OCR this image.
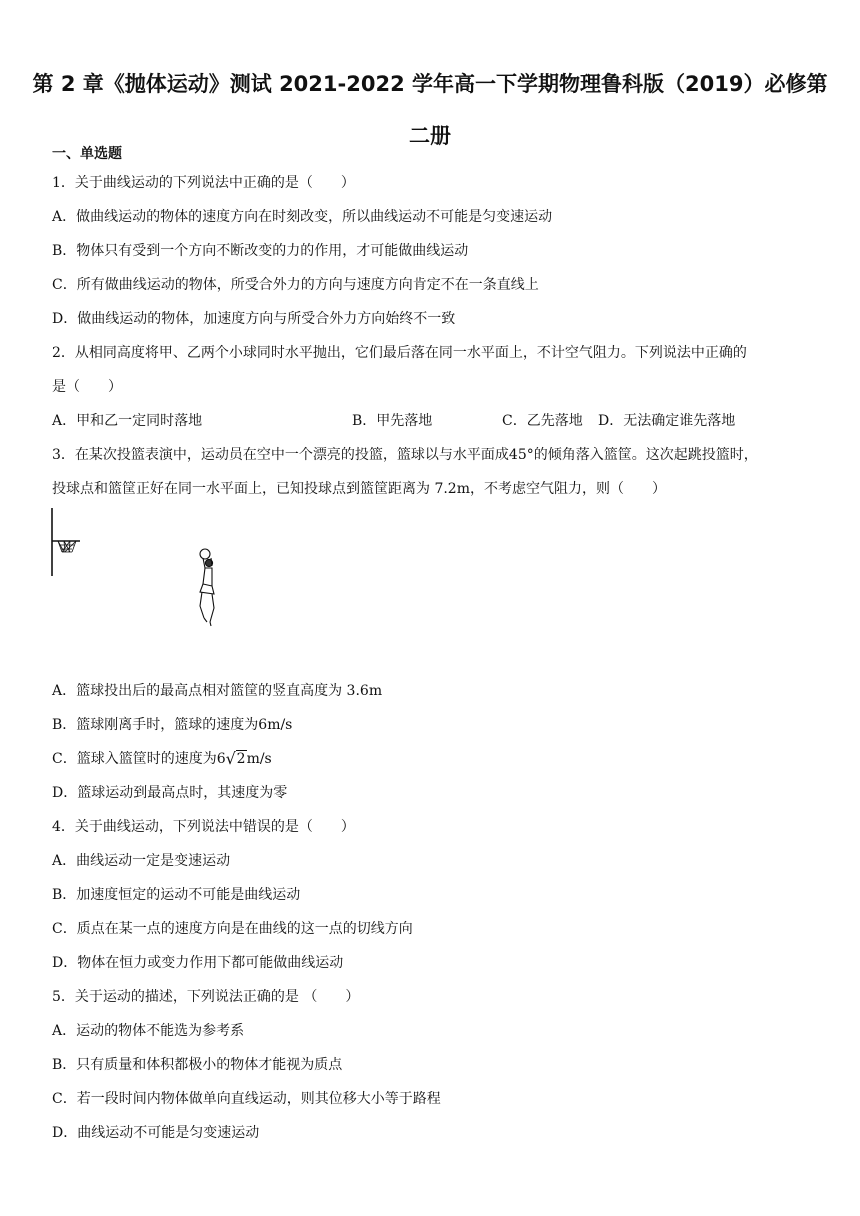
第 2 章《抛体运动》测试 2021-2022 学年高一下学期物理鲁科版（2019）必修第
二册
一、单选题
1．关于曲线运动的下列说法中正确的是（　　）
A．做曲线运动的物体的速度方向在时刻改变，所以曲线运动不可能是匀变速运动
B．物体只有受到一个方向不断改变的力的作用，才可能做曲线运动
C．所有做曲线运动的物体，所受合外力的方向与速度方向肯定不在一条直线上
D．做曲线运动的物体，加速度方向与所受合外力方向始终不一致
2．从相同高度将甲、乙两个小球同时水平抛出，它们最后落在同一水平面上，不计空气阻力。下列说法中正确的
是（　　）
A．甲和乙一定同时落地	B．甲先落地	C．乙先落地 D．无法确定谁先落地
3．在某次投篮表演中，运动员在空中一个漂亮的投篮，篮球以与水平面成45°的倾角落入篮筐。这次起跳投篮时，
投球点和篮筐正好在同一水平面上，已知投球点到篮筐距离为 7.2m，不考虑空气阻力，则（　　）
A．篮球投出后的最高点相对篮筐的竖直高度为 3.6m
B．篮球刚离手时，篮球的速度为6m/s
C．篮球入篮筐时的速度为6 √ 2m/s
D．篮球运动到最高点时，其速度为零
4．关于曲线运动，下列说法中错误的是（　　）
A．曲线运动一定是变速运动
B．加速度恒定的运动不可能是曲线运动
C．质点在某一点的速度方向是在曲线的这一点的切线方向
D．物体在恒力或变力作用下都可能做曲线运动
5．关于运动的描述，下列说法正确的是 （　　）
A．运动的物体不能选为参考系
B．只有质量和体积都极小的物体才能视为质点
C．若一段时间内物体做单向直线运动，则其位移大小等于路程
D．曲线运动不可能是匀变速运动
